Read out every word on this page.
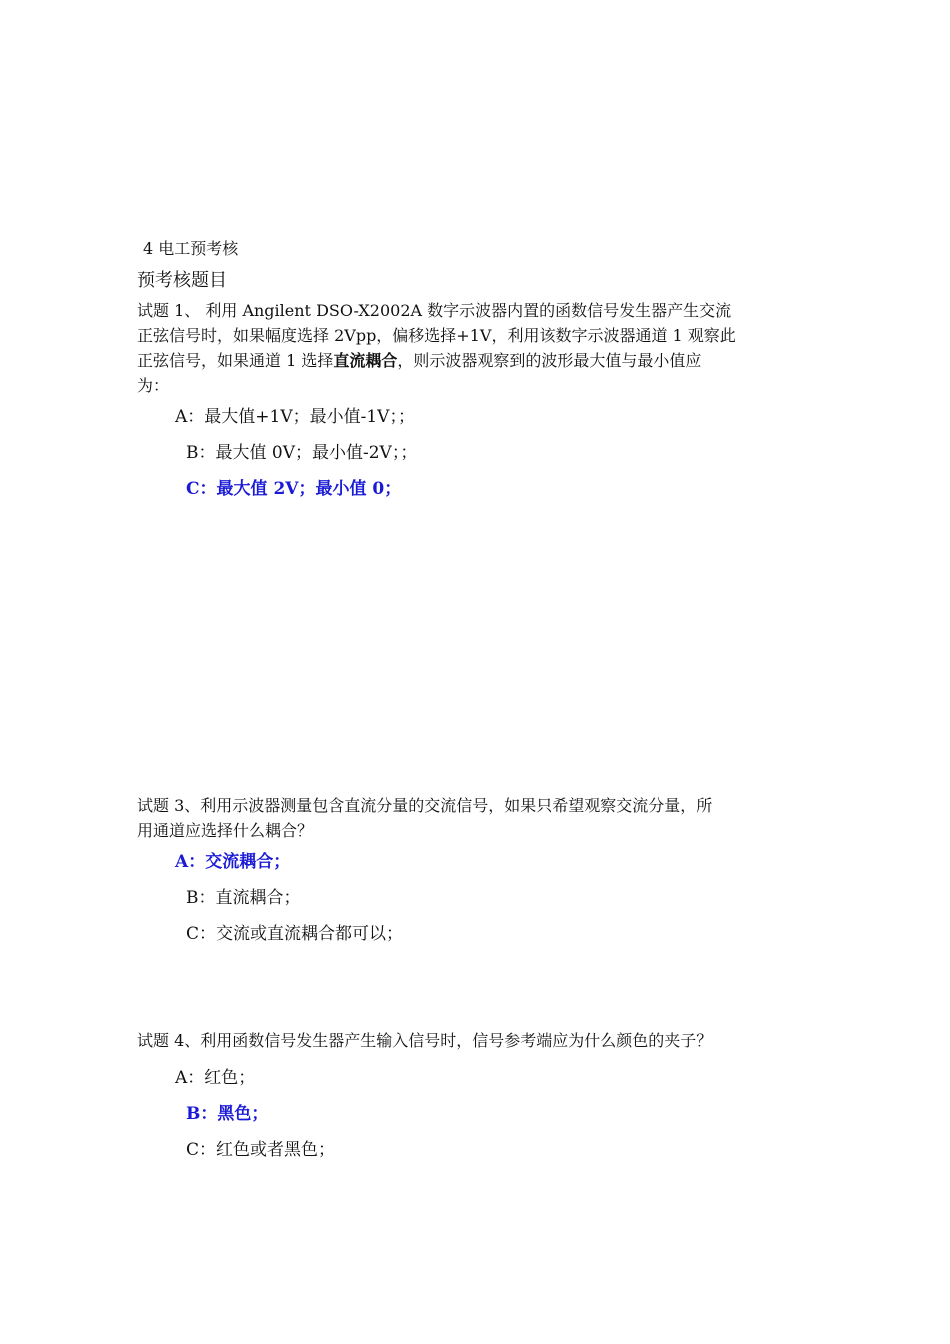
4 电工预考核
预考核题目
试题 1、 利用 Angilent DSO-X2002A 数字示波器内置的函数信号发生器产生交流
正弦信号时，如果幅度选择 2Vpp，偏移选择+1V，利用该数字示波器通道 1 观察此
正弦信号，如果通道 1 选择直流耦合，则示波器观察到的波形最大值与最小值应
为：
A：最大值+1V；最小值-1V；；
B：最大值 0V；最小值-2V；；
C：最大值 2V；最小值 0；
试题 3、利用示波器测量包含直流分量的交流信号，如果只希望观察交流分量，所
用通道应选择什么耦合？
A：交流耦合；
B：直流耦合；
C：交流或直流耦合都可以；
试题 4、利用函数信号发生器产生输入信号时，信号参考端应为什么颜色的夹子？
A：红色；
B：黑色；
C：红色或者黑色；
